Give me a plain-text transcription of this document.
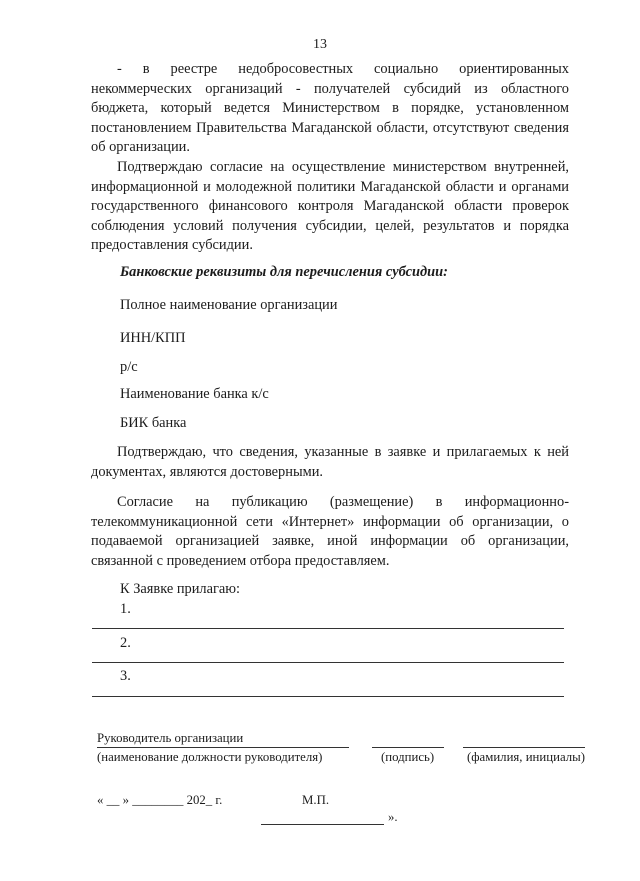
13

- в реестре недобросовестных социально ориентированных некоммерческих организаций - получателей субсидий из областного бюджета, который ведется Министерством в порядке, установленном постановлением Правительства Магаданской области, отсутствуют сведения об организации.

Подтверждаю согласие на осуществление министерством внутренней, информационной и молодежной политики Магаданской области и органами государственного финансового контроля Магаданской области проверок соблюдения условий получения субсидии, целей, результатов и порядка предоставления субсидии.

Банковские реквизиты для перечисления субсидии:

Полное наименование организации

ИНН/КПП

р/с

Наименование банка к/с

БИК банка

Подтверждаю, что сведения, указанные в заявке и прилагаемых к ней документах, являются достоверными.

Согласие на публикацию (размещение) в информационно-телекоммуникационной сети «Интернет» информации об организации, о подаваемой организацией заявке, иной информации об организации, связанной с проведением отбора предоставляем.

К Заявке прилагаю:

1.

2.

3.

Руководитель организации

(наименование должности руководителя)	(подпись)	(фамилия, инициалы)

« __ » ________ 202_ г.	М.П.

».
